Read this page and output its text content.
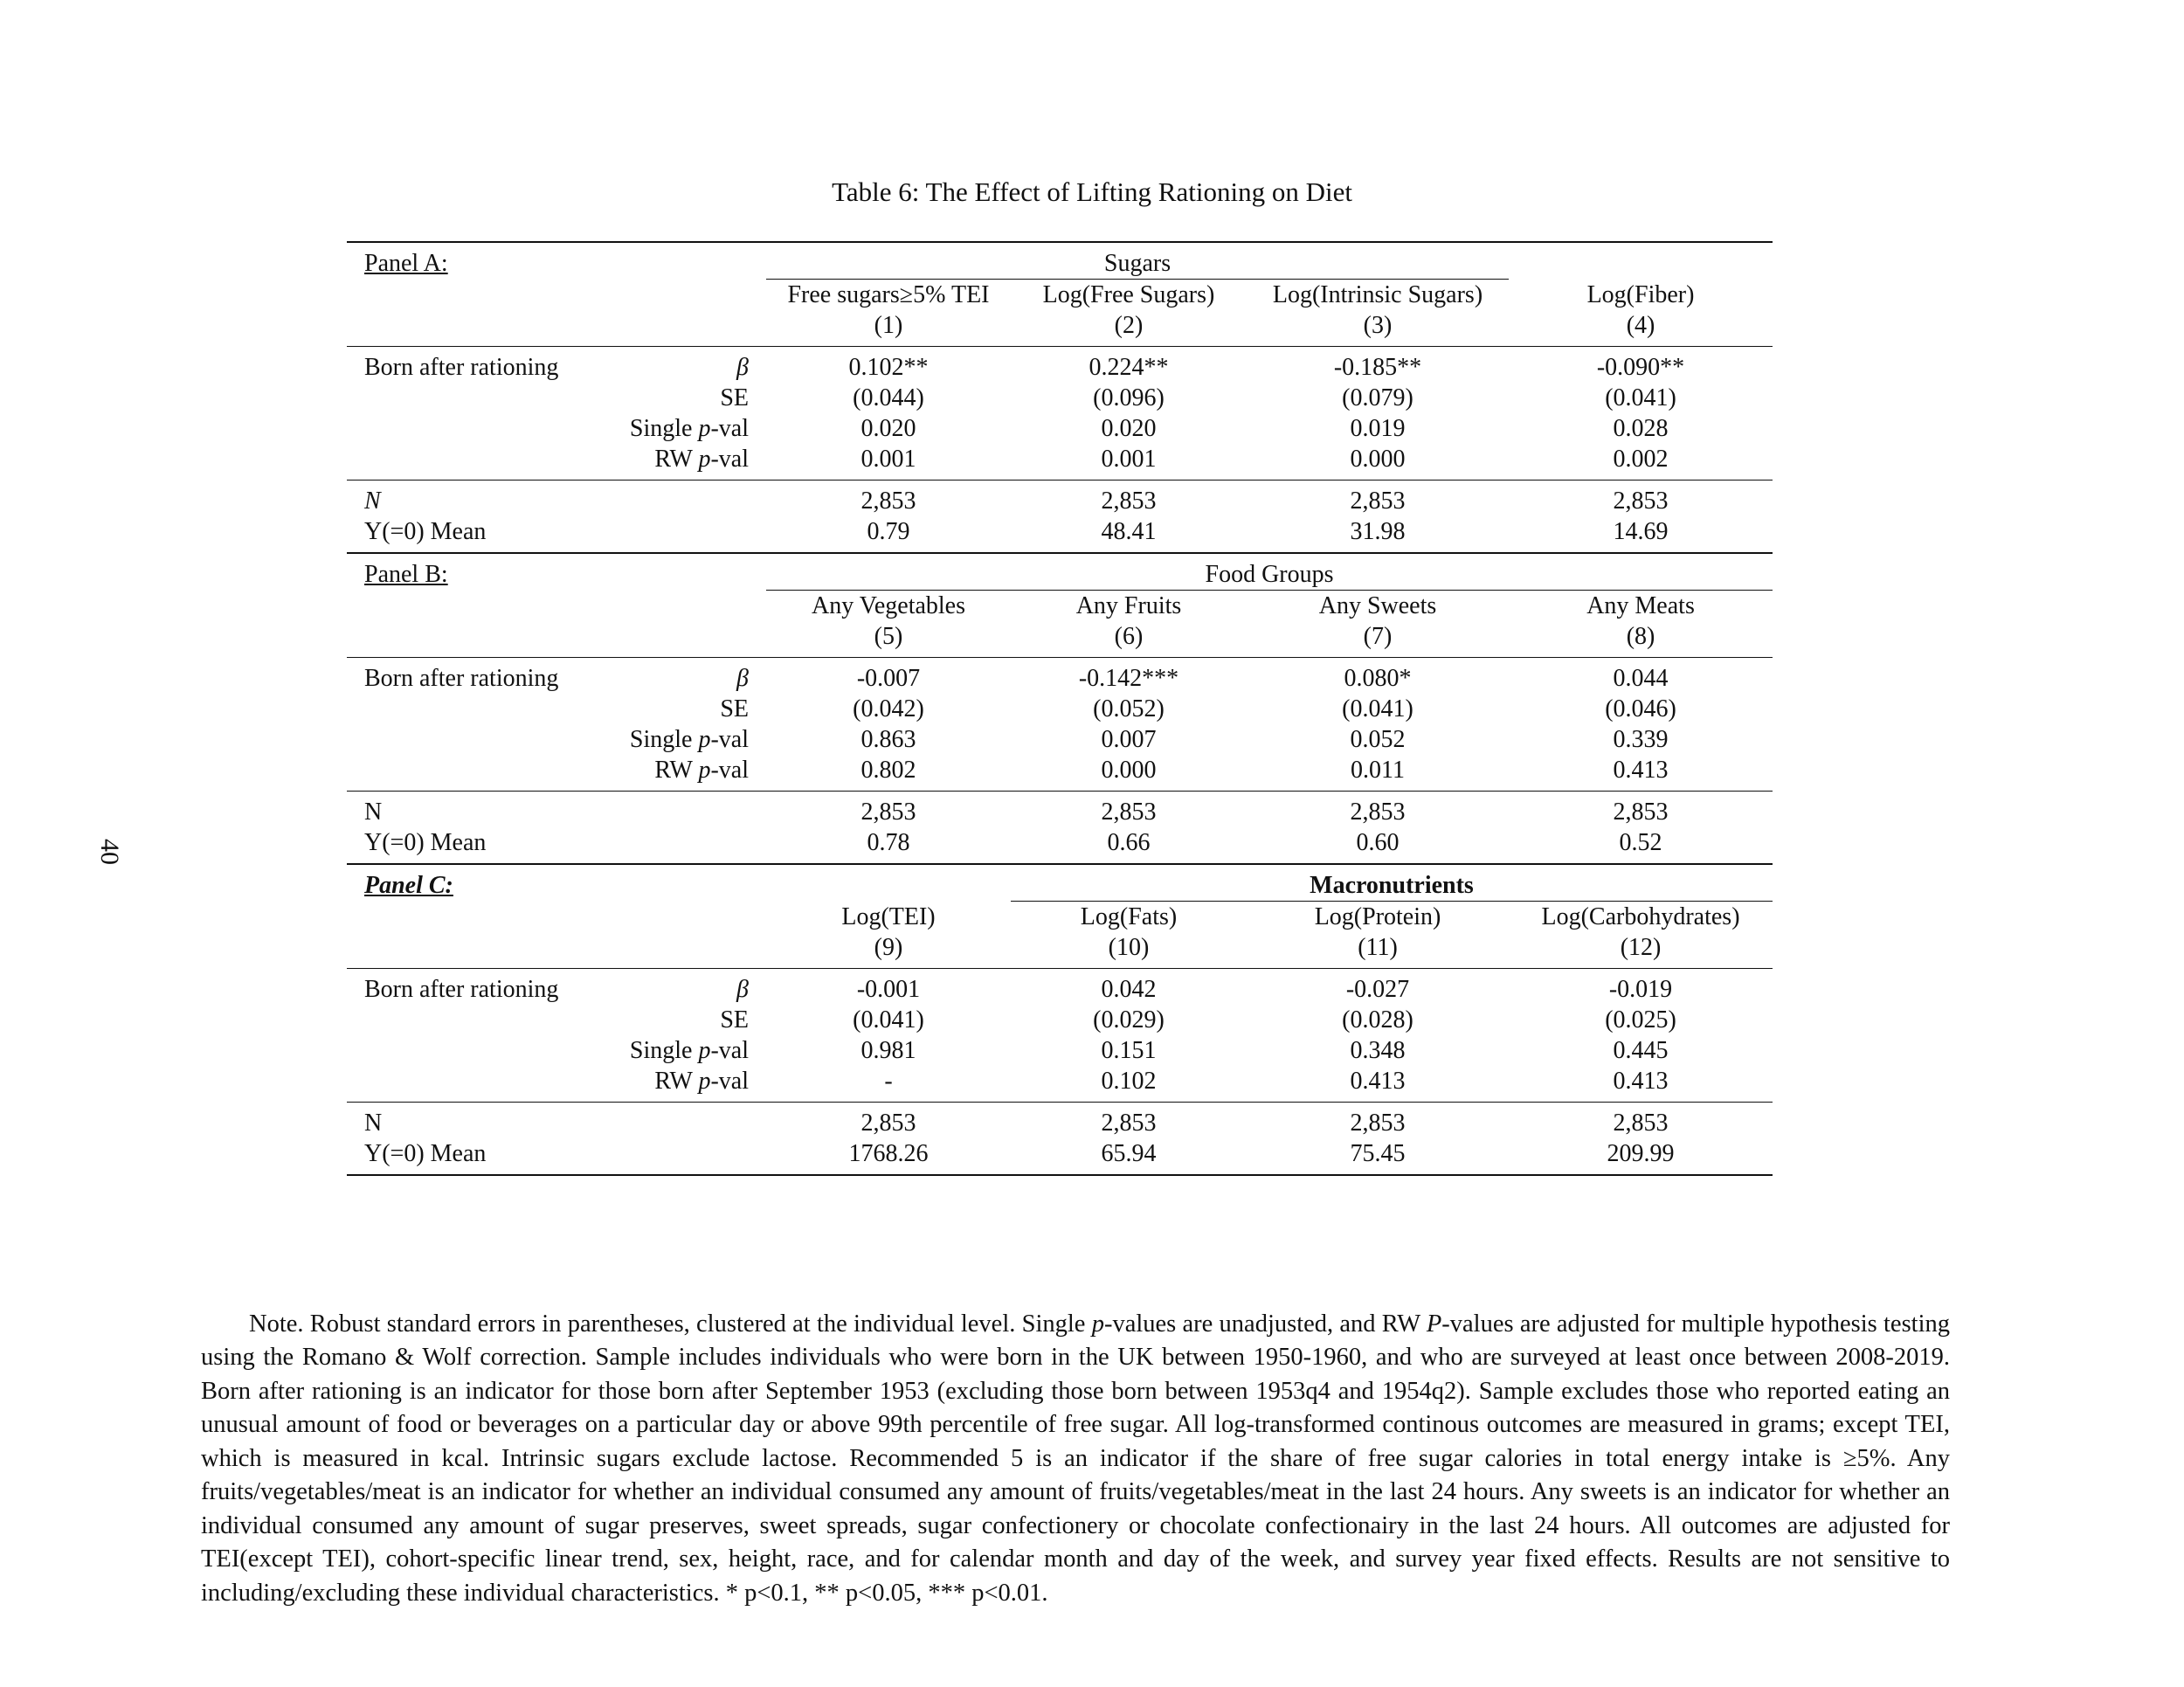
40
Table 6: The Effect of Lifting Rationing on Diet
Panel A:		Sugars			
		Free sugars≥5% TEI	Log(Free Sugars)	Log(Intrinsic Sugars)	Log(Fiber)
		(1)	(2)	(3)	(4)
Born after rationing	β	0.102**	0.224**	-0.185**	-0.090**
	SE	(0.044)	(0.096)	(0.079)	(0.041)
	Single p-val	0.020	0.020	0.019	0.028
	RW p-val	0.001	0.001	0.000	0.002
N		2,853	2,853	2,853	2,853
Y(=0) Mean		0.79	48.41	31.98	14.69
Panel B:		Food Groups			
		Any Vegetables	Any Fruits	Any Sweets	Any Meats
		(5)	(6)	(7)	(8)
Born after rationing	β	-0.007	-0.142***	0.080*	0.044
	SE	(0.042)	(0.052)	(0.041)	(0.046)
	Single p-val	0.863	0.007	0.052	0.339
	RW p-val	0.802	0.000	0.011	0.413
N		2,853	2,853	2,853	2,853
Y(=0) Mean		0.78	0.66	0.60	0.52
Panel C:			Macronutrients		
		Log(TEI)	Log(Fats)	Log(Protein)	Log(Carbohydrates)
		(9)	(10)	(11)	(12)
Born after rationing	β	-0.001	0.042	-0.027	-0.019
	SE	(0.041)	(0.029)	(0.028)	(0.025)
	Single p-val	0.981	0.151	0.348	0.445
	RW p-val	-	0.102	0.413	0.413
N		2,853	2,853	2,853	2,853
Y(=0) Mean		1768.26	65.94	75.45	209.99

Note. Robust standard errors in parentheses, clustered at the individual level. Single p-values are unadjusted, and RW P-values are adjusted for multiple hypothesis testing using the Romano & Wolf correction. Sample includes individuals who were born in the UK between 1950-1960, and who are surveyed at least once between 2008-2019. Born after rationing is an indicator for those born after September 1953 (excluding those born between 1953q4 and 1954q2). Sample excludes those who reported eating an unusual amount of food or beverages on a particular day or above 99th percentile of free sugar. All log-transformed continous outcomes are measured in grams; except TEI, which is measured in kcal. Intrinsic sugars exclude lactose. Recommended 5 is an indicator if the share of free sugar calories in total energy intake is ≥5%. Any fruits/vegetables/meat is an indicator for whether an individual consumed any amount of fruits/vegetables/meat in the last 24 hours. Any sweets is an indicator for whether an individual consumed any amount of sugar preserves, sweet spreads, sugar confectionery or chocolate confectionairy in the last 24 hours. All outcomes are adjusted for TEI(except TEI), cohort-specific linear trend, sex, height, race, and for calendar month and day of the week, and survey year fixed effects. Results are not sensitive to including/excluding these individual characteristics. * p<0.1, ** p<0.05, *** p<0.01.
